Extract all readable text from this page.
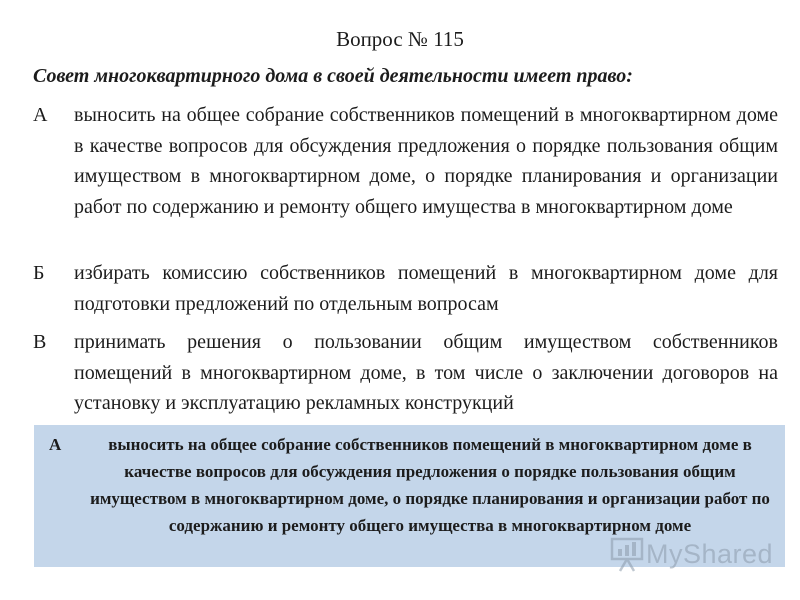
Вопрос № 115
Совет многоквартирного дома в своей деятельности имеет право:
А выносить на общее собрание собственников помещений в многоквартирном доме в качестве вопросов для обсуждения предложения о порядке пользования общим имуществом в многоквартирном доме, о порядке планирования и организации работ по содержанию и ремонту общего имущества в многоквартирном доме
Б избирать комиссию собственников помещений в многоквартирном доме для подготовки предложений по отдельным вопросам
В принимать решения о пользовании общим имуществом собственников помещений в многоквартирном доме, в том числе о заключении договоров на установку и эксплуатацию рекламных конструкций
А	выносить на общее собрание собственников помещений в многоквартирном доме в качестве вопросов для обсуждения предложения о порядке пользования общим имуществом в многоквартирном доме, о порядке планирования и организации работ по содержанию и ремонту общего имущества в многоквартирном доме
MyShared
